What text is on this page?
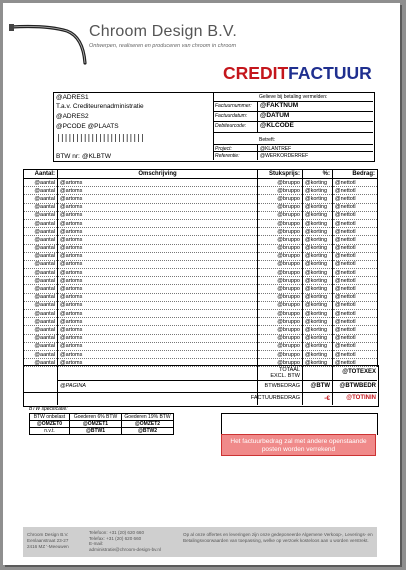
Chroom Design B.V.
Ontwerpen, realiseren en produceren van chroom in chroom
CREDITFACTUUR
@ADRES1
T.a.v. Crediteurenadministratie
@ADRES2
@PCODE @PLAATS
|||||||||||||||||||||||
BTW nr: @KLBTW
Gelieve bij betaling vermelden:
Factuurnummer: @FAKTNUM
Factuurdatum: @DATUM
Debiteurcode: @KLCODE
Betreft:
Project:	@KLANTREF
Referentie:	@WERKORDERREF
Aantal:	Omschrijving	Stuksprijs:	%:	Bedrag:
@aantal	@artoms	@bruppo	@korting	@nettotl
@aantal	@artoms	@bruppo	@korting	@nettotl
@aantal	@artoms	@bruppo	@korting	@nettotl
@aantal	@artoms	@bruppo	@korting	@nettotl
@aantal	@artoms	@bruppo	@korting	@nettotl
@aantal	@artoms	@bruppo	@korting	@nettotl
@aantal	@artoms	@bruppo	@korting	@nettotl
@aantal	@artoms	@bruppo	@korting	@nettotl
@aantal	@artoms	@bruppo	@korting	@nettotl
@aantal	@artoms	@bruppo	@korting	@nettotl
@aantal	@artoms	@bruppo	@korting	@nettotl
@aantal	@artoms	@bruppo	@korting	@nettotl
@aantal	@artoms	@bruppo	@korting	@nettotl
@aantal	@artoms	@bruppo	@korting	@nettotl
@aantal	@artoms	@bruppo	@korting	@nettotl
@aantal	@artoms	@bruppo	@korting	@nettotl
@aantal	@artoms	@bruppo	@korting	@nettotl
@aantal	@artoms	@bruppo	@korting	@nettotl
@aantal	@artoms	@bruppo	@korting	@nettotl
@aantal	@artoms	@bruppo	@korting	@nettotl
@aantal	@artoms	@bruppo	@korting	@nettotl
@aantal	@artoms	@bruppo	@korting	@nettotl
@aantal	@artoms	@bruppo	@korting	@nettotl
TOTAAL
EXCL. BTW
@TOTEXEX
@PAGINA	BTWBEDRAG	@BTW	@BTWBEDR
FACTUURBEDRAG	-€	@TOTININ
BTW specificatie:
BTW onbelast	Goederen 6% BTW	Goederen 19% BTW
@OMZET0	@OMZET1	@OMZET2
n.v.t.	@BTW1	@BTW2
Het factuurbedrag zal met andere openstaande posten worden verrekend
Chroom Design B.V.
Eenlaanstraat 23-27
2416 MZ '-Meeuwen
Telefoon: +31 (20) 620 660
Telefax: +31 (20) 620 660
E-mail:
administratie@chroom-design-bv.nl
Op al onze offertes en leveringen zijn onze gedeponeerde Algemene Verkoop-, Leverings- en Betalingsvoorwaarden van toepassing, welke op verzoek kosteloos aan u worden verstrekt.
